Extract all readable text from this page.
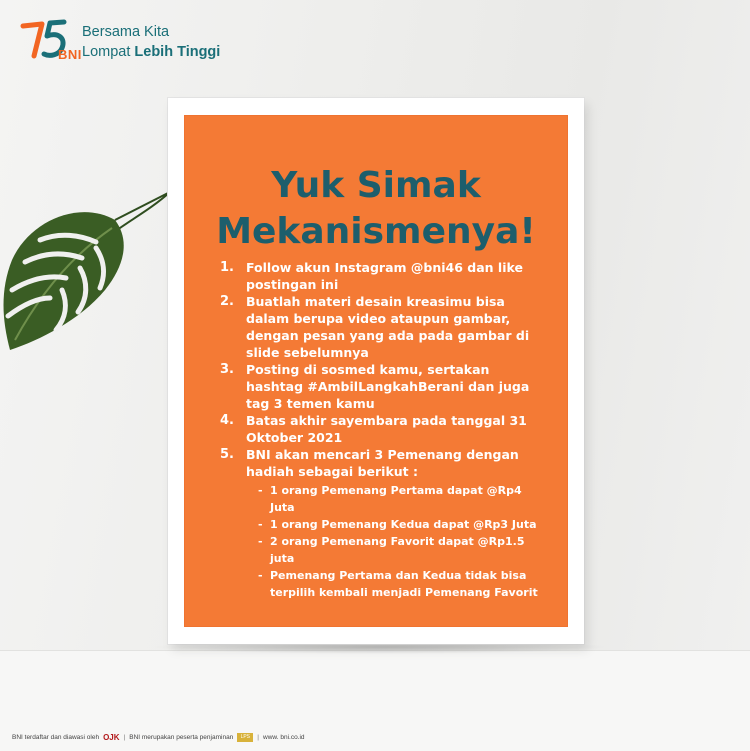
BNI
Bersama Kita
Lompat Lebih Tinggi
Yuk Simak
Mekanismenya!
1. Follow akun Instagram @bni46 dan like postingan ini
2. Buatlah materi desain kreasimu bisa dalam berupa video ataupun gambar, dengan pesan yang ada pada gambar di slide sebelumnya
3. Posting di sosmed kamu, sertakan hashtag #AmbilLangkahBerani dan juga tag 3 temen kamu
4. Batas akhir sayembara pada tanggal 31 Oktober 2021
5. BNI akan mencari 3 Pemenang dengan hadiah sebagai berikut :
- 1 orang Pemenang Pertama dapat @Rp4 Juta
- 1 orang Pemenang Kedua dapat @Rp3 Juta
- 2 orang Pemenang Favorit dapat @Rp1.5 juta
- Pemenang Pertama dan Kedua tidak bisa terpilih kembali menjadi Pemenang Favorit
BNI terdaftar dan diawasi oleh OJK | BNI merupakan peserta penjaminan	LPS	| www. bni.co.id
